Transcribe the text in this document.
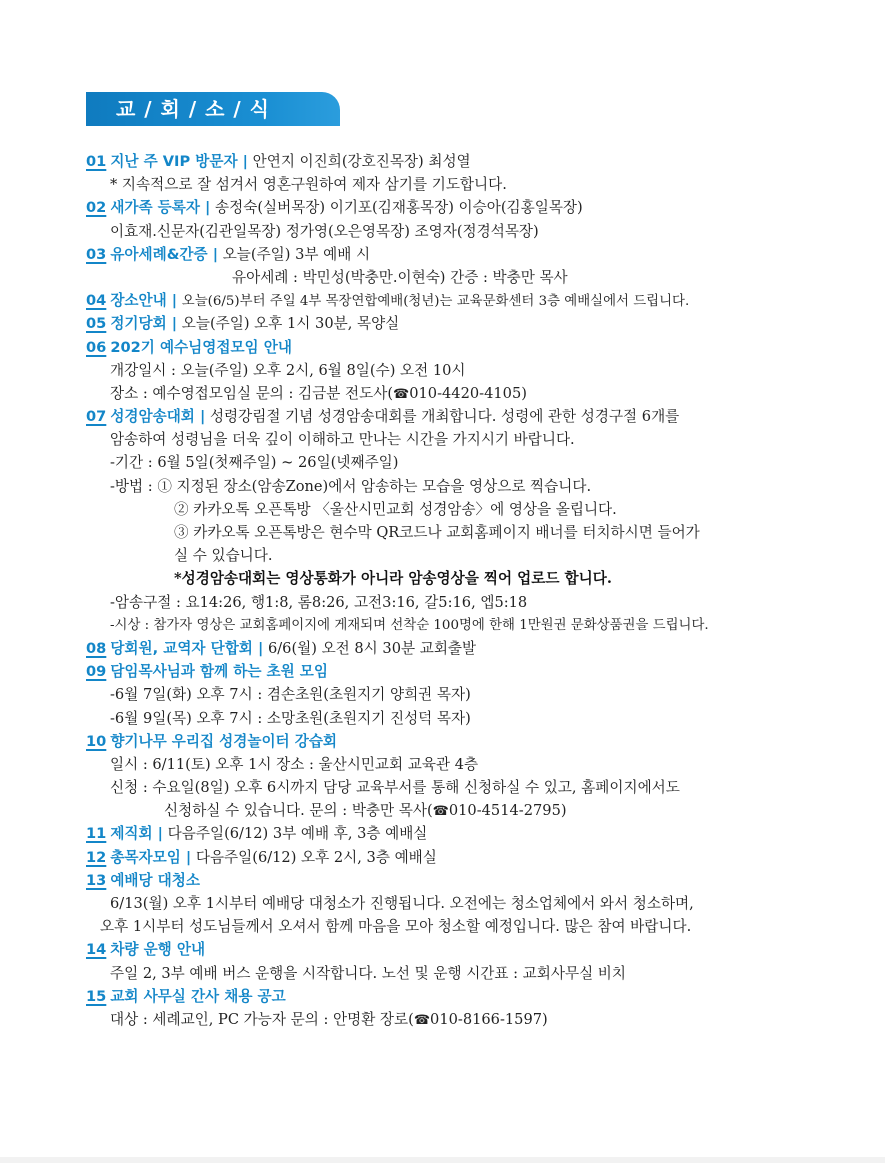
교 / 회 / 소 / 식
01 지난 주 VIP 방문자 | 안연지 이진희(강호진목장) 최성열
* 지속적으로 잘 섬겨서 영혼구원하여 제자 삼기를 기도합니다.
02 새가족 등록자 | 송정숙(실버목장) 이기포(김재홍목장) 이승아(김홍일목장)
이효재.신문자(김관일목장) 정가영(오은영목장) 조영자(정경석목장)
03 유아세례&간증 | 오늘(주일) 3부 예배 시
유아세례 : 박민성(박충만.이현숙) 간증 : 박충만 목사
04 장소안내 | 오늘(6/5)부터 주일 4부 목장연합예배(청년)는 교육문화센터 3층 예배실에서 드립니다.
05 정기당회 | 오늘(주일) 오후 1시 30분, 목양실
06 202기 예수님영접모임 안내
개강일시 : 오늘(주일) 오후 2시, 6월 8일(수) 오전 10시
장소 : 예수영접모임실 문의 : 김금분 전도사(☎010-4420-4105)
07 성경암송대회 | 성령강림절 기념 성경암송대회를 개최합니다. 성령에 관한 성경구절 6개를
암송하여 성령님을 더욱 깊이 이해하고 만나는 시간을 가지시기 바랍니다.
-기간 : 6월 5일(첫째주일) ~ 26일(넷째주일)
-방법 : ① 지정된 장소(암송Zone)에서 암송하는 모습을 영상으로 찍습니다.
② 카카오톡 오픈톡방 〈울산시민교회 성경암송〉에 영상을 올립니다.
③ 카카오톡 오픈톡방은 현수막 QR코드나 교회홈페이지 배너를 터치하시면 들어가
실 수 있습니다.
*성경암송대회는 영상통화가 아니라 암송영상을 찍어 업로드 합니다.
-암송구절 : 요14:26, 행1:8, 롬8:26, 고전3:16, 갈5:16, 엡5:18
-시상 : 참가자 영상은 교회홈페이지에 게재되며 선착순 100명에 한해 1만원권 문화상품권을 드립니다.
08 당회원, 교역자 단합회 | 6/6(월) 오전 8시 30분 교회출발
09 담임목사님과 함께 하는 초원 모임
-6월 7일(화) 오후 7시 : 겸손초원(초원지기 양희권 목자)
-6월 9일(목) 오후 7시 : 소망초원(초원지기 진성덕 목자)
10 향기나무 우리집 성경놀이터 강습회
일시 : 6/11(토) 오후 1시 장소 : 울산시민교회 교육관 4층
신청 : 수요일(8일) 오후 6시까지 담당 교육부서를 통해 신청하실 수 있고, 홈페이지에서도
신청하실 수 있습니다. 문의 : 박충만 목사(☎010-4514-2795)
11 제직회 | 다음주일(6/12) 3부 예배 후, 3층 예배실
12 총목자모임 | 다음주일(6/12) 오후 2시, 3층 예배실
13 예배당 대청소
6/13(월) 오후 1시부터 예배당 대청소가 진행됩니다. 오전에는 청소업체에서 와서 청소하며,
오후 1시부터 성도님들께서 오셔서 함께 마음을 모아 청소할 예정입니다. 많은 참여 바랍니다.
14 차량 운행 안내
주일 2, 3부 예배 버스 운행을 시작합니다. 노선 및 운행 시간표 : 교회사무실 비치
15 교회 사무실 간사 채용 공고
대상 : 세례교인, PC 가능자 문의 : 안명환 장로(☎010-8166-1597)
